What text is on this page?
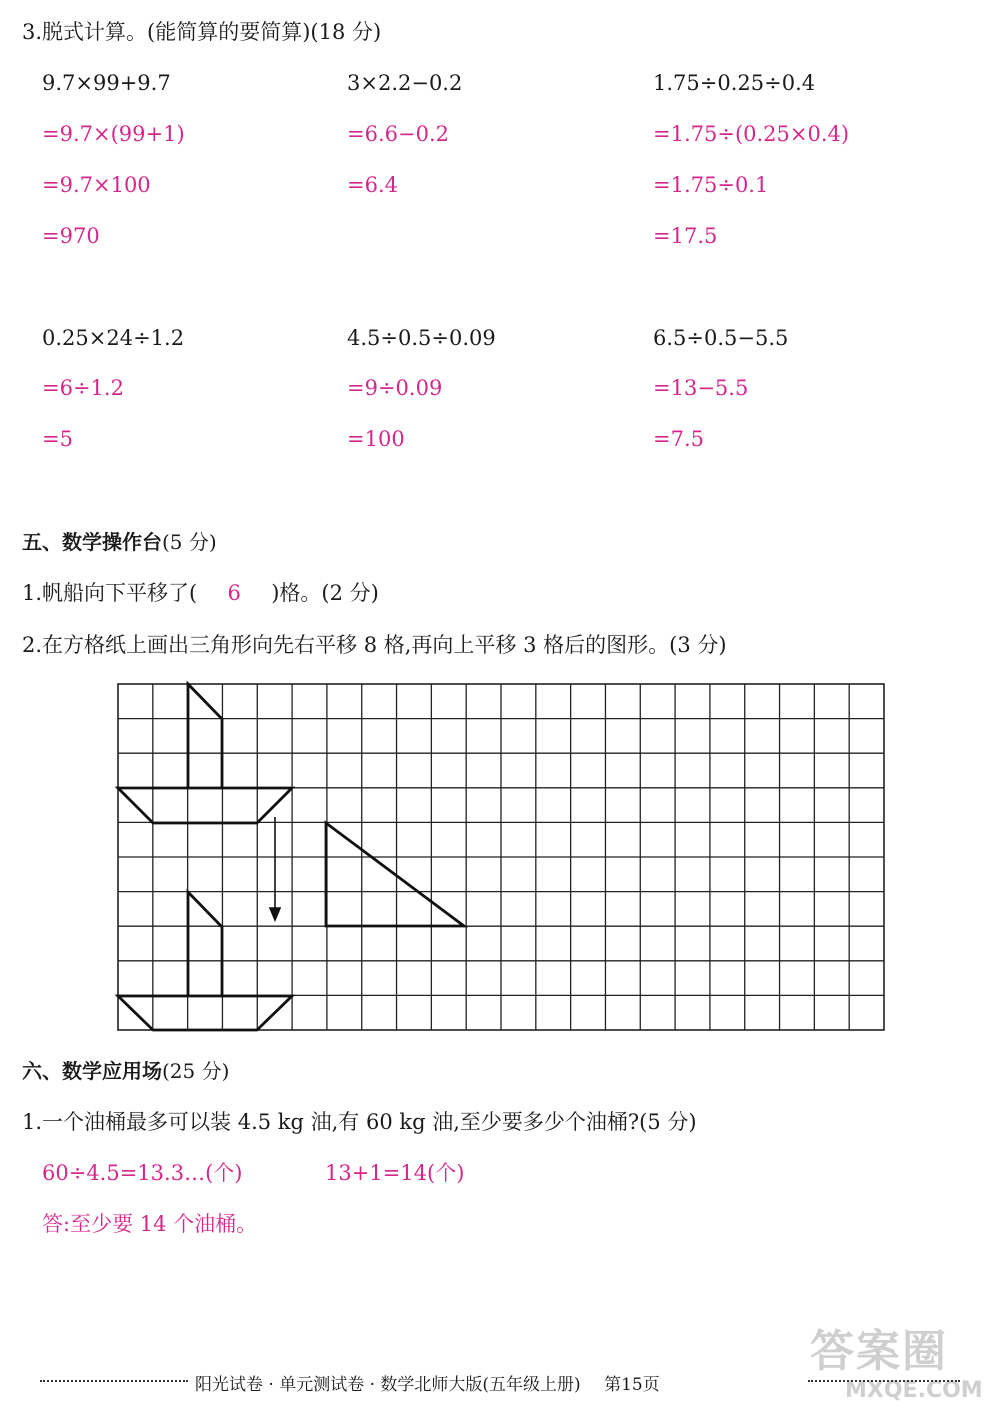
3.脱式计算。(能简算的要简算)(18 分)
9.7×99+9.7
=9.7×(99+1)
=9.7×100
=970
3×2.2−0.2
=6.6−0.2
=6.4
1.75÷0.25÷0.4
=1.75÷(0.25×0.4)
=1.75÷0.1
=17.5
0.25×24÷1.2
=6÷1.2
=5
4.5÷0.5÷0.09
=9÷0.09
=100
6.5÷0.5−5.5
=13−5.5
=7.5
五、数学操作台(5 分)
1.帆船向下平移了( 6 )格。(2 分)
2.在方格纸上画出三角形向先右平移 8 格,再向上平移 3 格后的图形。(3 分)
六、数学应用场(25 分)
1.一个油桶最多可以装 4.5 kg 油,有 60 kg 油,至少要多少个油桶?(5 分)
60÷4.5=13.3…(个)	13+1=14(个)
答:至少要 14 个油桶。
答案圈
MXQE.COM
阳光试卷 · 单元测试卷 · 数学北师大版(五年级上册) 第15页
